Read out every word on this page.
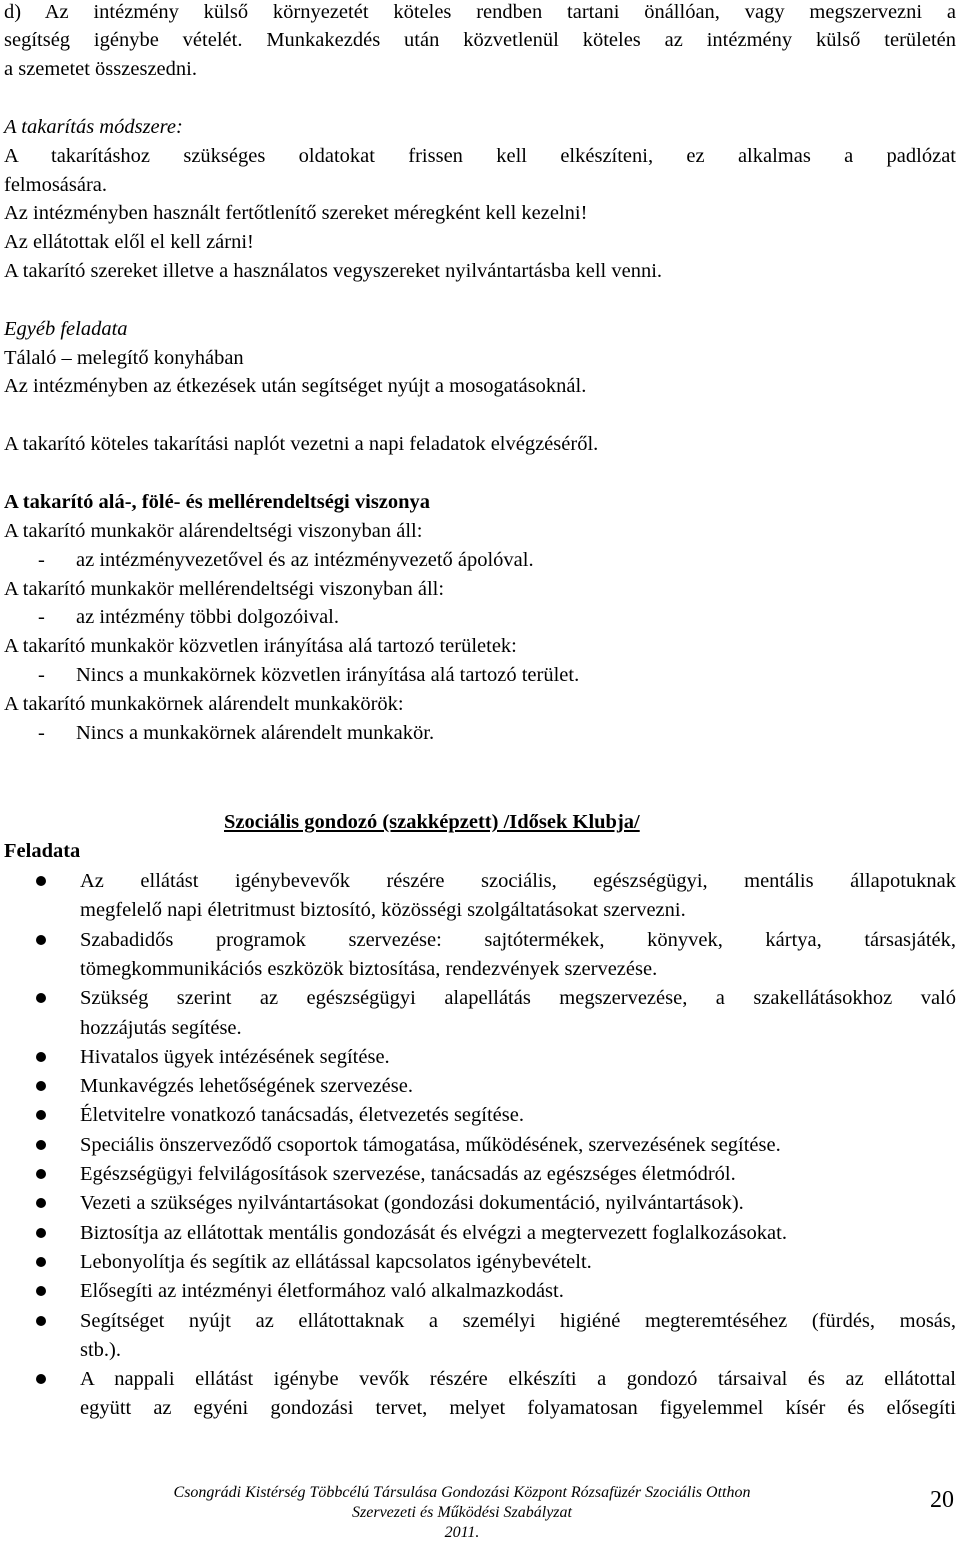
d) Az intézmény külső környezetét köteles rendben tartani önállóan, vagy megszervezni a
segítség igénybe vételét. Munkakezdés után közvetlenül köteles az intézmény külső területén
a szemetet összeszedni.
A takarítás módszere:
A takarításhoz szükséges oldatokat frissen kell elkészíteni, ez alkalmas a padlózat
felmosására.
Az intézményben használt fertőtlenítő szereket méregként kell kezelni!
Az ellátottak elől el kell zárni!
A takarító szereket illetve a használatos vegyszereket nyilvántartásba kell venni.
Egyéb feladata
Tálaló – melegítő konyhában
Az intézményben az étkezések után segítséget nyújt a mosogatásoknál.
A takarító köteles takarítási naplót vezetni a napi feladatok elvégzéséről.
A takarító alá-, fölé- és mellérendeltségi viszonya
A takarító munkakör alárendeltségi viszonyban áll:
- az intézményvezetővel és az intézményvezető ápolóval.
A takarító munkakör mellérendeltségi viszonyban áll:
- az intézmény többi dolgozóival.
A takarító munkakör közvetlen irányítása alá tartozó területek:
- Nincs a munkakörnek közvetlen irányítása alá tartozó terület.
A takarító munkakörnek alárendelt munkakörök:
- Nincs a munkakörnek alárendelt munkakör.
Szociális gondozó (szakképzett) /Idősek Klubja/
Feladata
Az ellátást igénybevevők részére szociális, egészségügyi, mentális állapotuknak
megfelelő napi életritmust biztosító, közösségi szolgáltatásokat szervezni.
Szabadidős programok szervezése: sajtótermékek, könyvek, kártya, társasjáték,
tömegkommunikációs eszközök biztosítása, rendezvények szervezése.
Szükség szerint az egészségügyi alapellátás megszervezése, a szakellátásokhoz való
hozzájutás segítése.
Hivatalos ügyek intézésének segítése.
Munkavégzés lehetőségének szervezése.
Életvitelre vonatkozó tanácsadás, életvezetés segítése.
Speciális önszerveződő csoportok támogatása, működésének, szervezésének segítése.
Egészségügyi felvilágosítások szervezése, tanácsadás az egészséges életmódról.
Vezeti a szükséges nyilvántartásokat (gondozási dokumentáció, nyilvántartások).
Biztosítja az ellátottak mentális gondozását és elvégzi a megtervezett foglalkozásokat.
Lebonyolítja és segítik az ellátással kapcsolatos igénybevételt.
Elősegíti az intézményi életformához való alkalmazkodást.
Segítséget nyújt az ellátottaknak a személyi higiéné megteremtéséhez (fürdés, mosás,
stb.).
A nappali ellátást igénybe vevők részére elkészíti a gondozó társaival és az ellátottal
együtt az egyéni gondozási tervet, melyet folyamatosan figyelemmel kísér és elősegíti
Csongrádi Kistérség Többcélú Társulása Gondozási Központ Rózsafüzér Szociális Otthon
Szervezeti és Működési Szabályzat
2011.
20
